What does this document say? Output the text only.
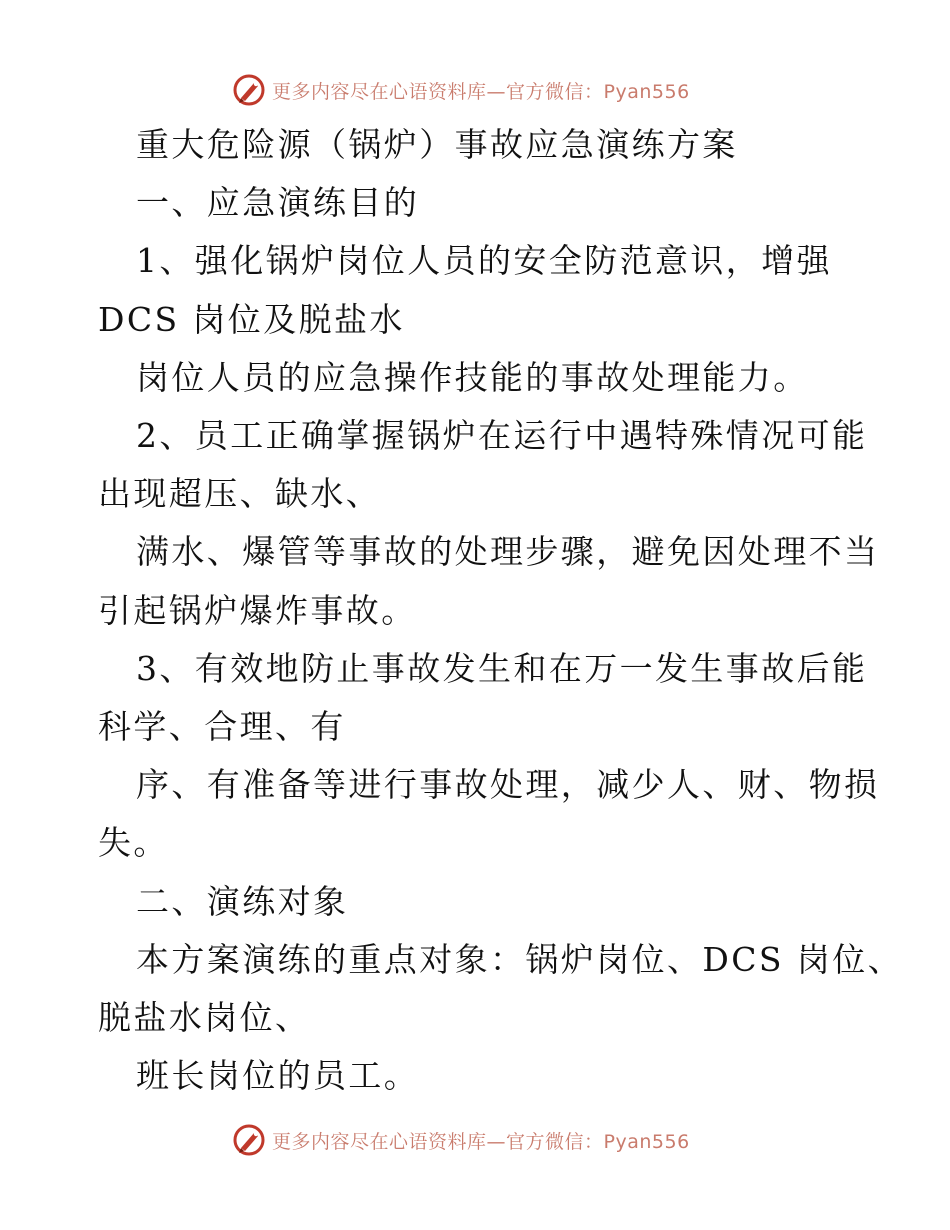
更多内容尽在心语资料库—官方微信：Pyan556
重大危险源（锅炉）事故应急演练方案
一、应急演练目的
1、强化锅炉岗位人员的安全防范意识，增强
DCS 岗位及脱盐水
岗位人员的应急操作技能的事故处理能力。
2、员工正确掌握锅炉在运行中遇特殊情况可能
出现超压、缺水、
满水、爆管等事故的处理步骤，避免因处理不当
引起锅炉爆炸事故。
3、有效地防止事故发生和在万一发生事故后能
科学、合理、有
序、有准备等进行事故处理，减少人、财、物损
失。
二、演练对象
本方案演练的重点对象：锅炉岗位、DCS 岗位、
脱盐水岗位、
班长岗位的员工。
更多内容尽在心语资料库—官方微信：Pyan556
